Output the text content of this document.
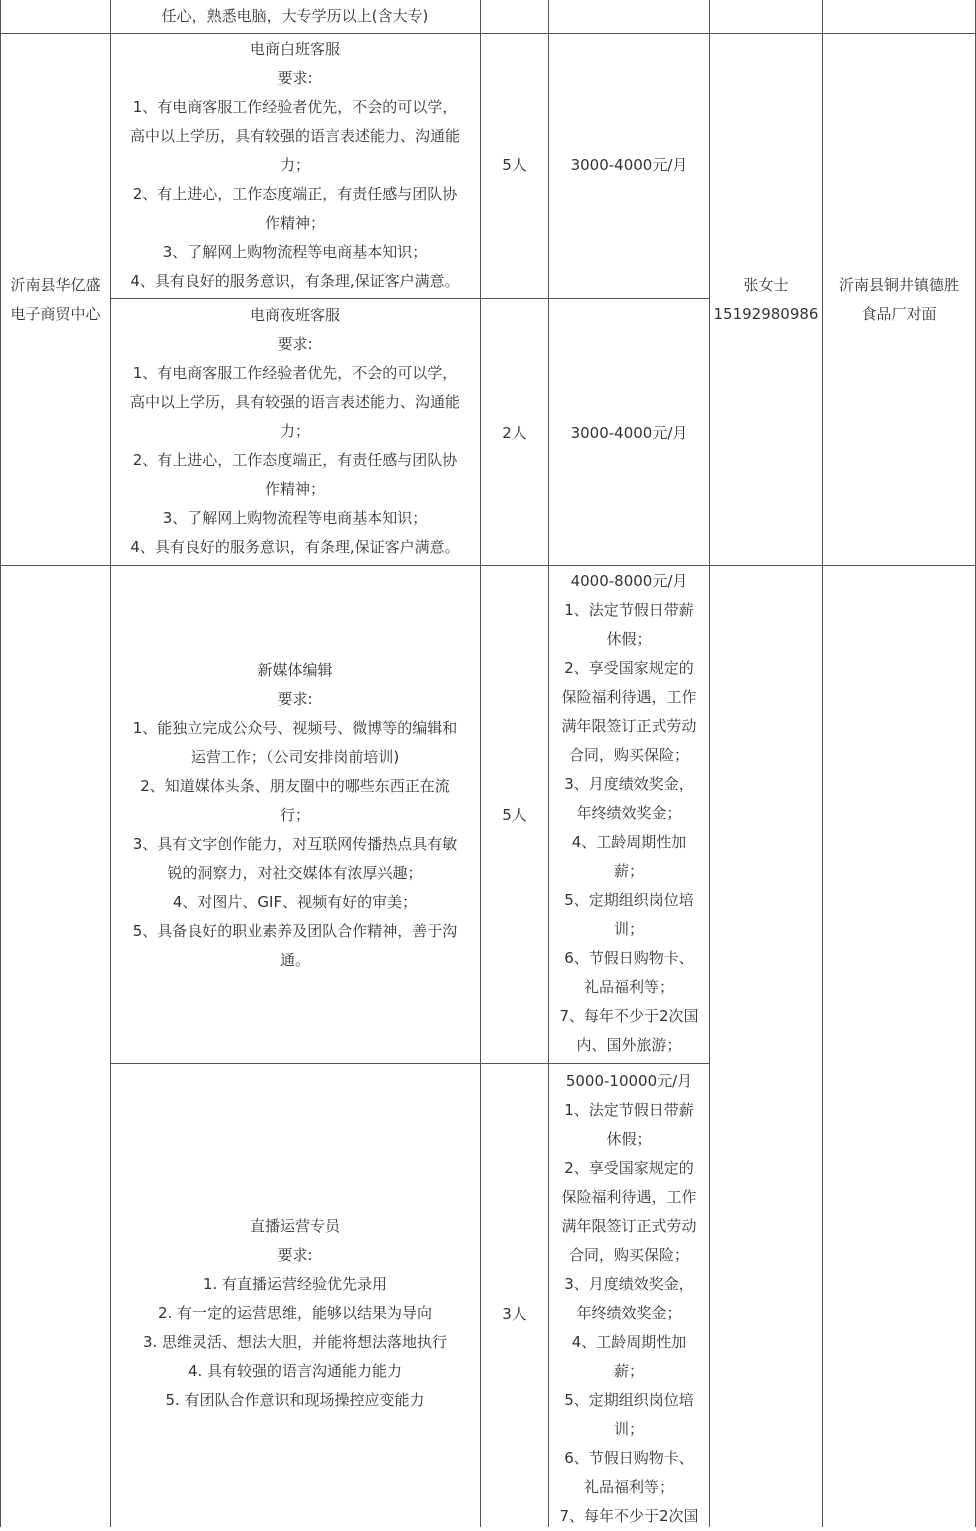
任心，熟悉电脑，大专学历以上(含大专)
沂南县华亿盛
电子商贸中心
张女士
15192980986
沂南县铜井镇德胜
食品厂对面
电商白班客服
要求:
1、有电商客服工作经验者优先，不会的可以学，
高中以上学历，具有较强的语言表述能力、沟通能
力；
2、有上进心，工作态度端正，有责任感与团队协
作精神；
3、了解网上购物流程等电商基本知识；
4、具有良好的服务意识，有条理,保证客户满意。
5人	3000-4000元/月
电商夜班客服
要求:
1、有电商客服工作经验者优先，不会的可以学，
高中以上学历，具有较强的语言表述能力、沟通能
力；
2、有上进心，工作态度端正，有责任感与团队协
作精神；
3、了解网上购物流程等电商基本知识；
4、具有良好的服务意识，有条理,保证客户满意。
2人	3000-4000元/月
新媒体编辑
要求:
1、能独立完成公众号、视频号、微博等的编辑和
运营工作；（公司安排岗前培训)
2、知道媒体头条、朋友圈中的哪些东西正在流
行；
3、具有文字创作能力，对互联网传播热点具有敏
锐的洞察力，对社交媒体有浓厚兴趣；
4、对图片、GIF、视频有好的审美；
5、具备良好的职业素养及团队合作精神，善于沟
通。
5人
4000-8000元/月
1、法定节假日带薪
休假；
2、享受国家规定的
保险福利待遇，工作
满年限签订正式劳动
合同，购买保险；
3、月度绩效奖金，
年终绩效奖金；
4、工龄周期性加
薪；
5、定期组织岗位培
训；
6、节假日购物卡、
礼品福利等；
7、每年不少于2次国
内、国外旅游；
直播运营专员
要求:
1. 有直播运营经验优先录用
2. 有一定的运营思维，能够以结果为导向
3. 思维灵活、想法大胆，并能将想法落地执行
4. 具有较强的语言沟通能力能力
5. 有团队合作意识和现场操控应变能力
3人
5000-10000元/月
1、法定节假日带薪
休假；
2、享受国家规定的
保险福利待遇，工作
满年限签订正式劳动
合同，购买保险；
3、月度绩效奖金，
年终绩效奖金；
4、工龄周期性加
薪；
5、定期组织岗位培
训；
6、节假日购物卡、
礼品福利等；
7、每年不少于2次国
